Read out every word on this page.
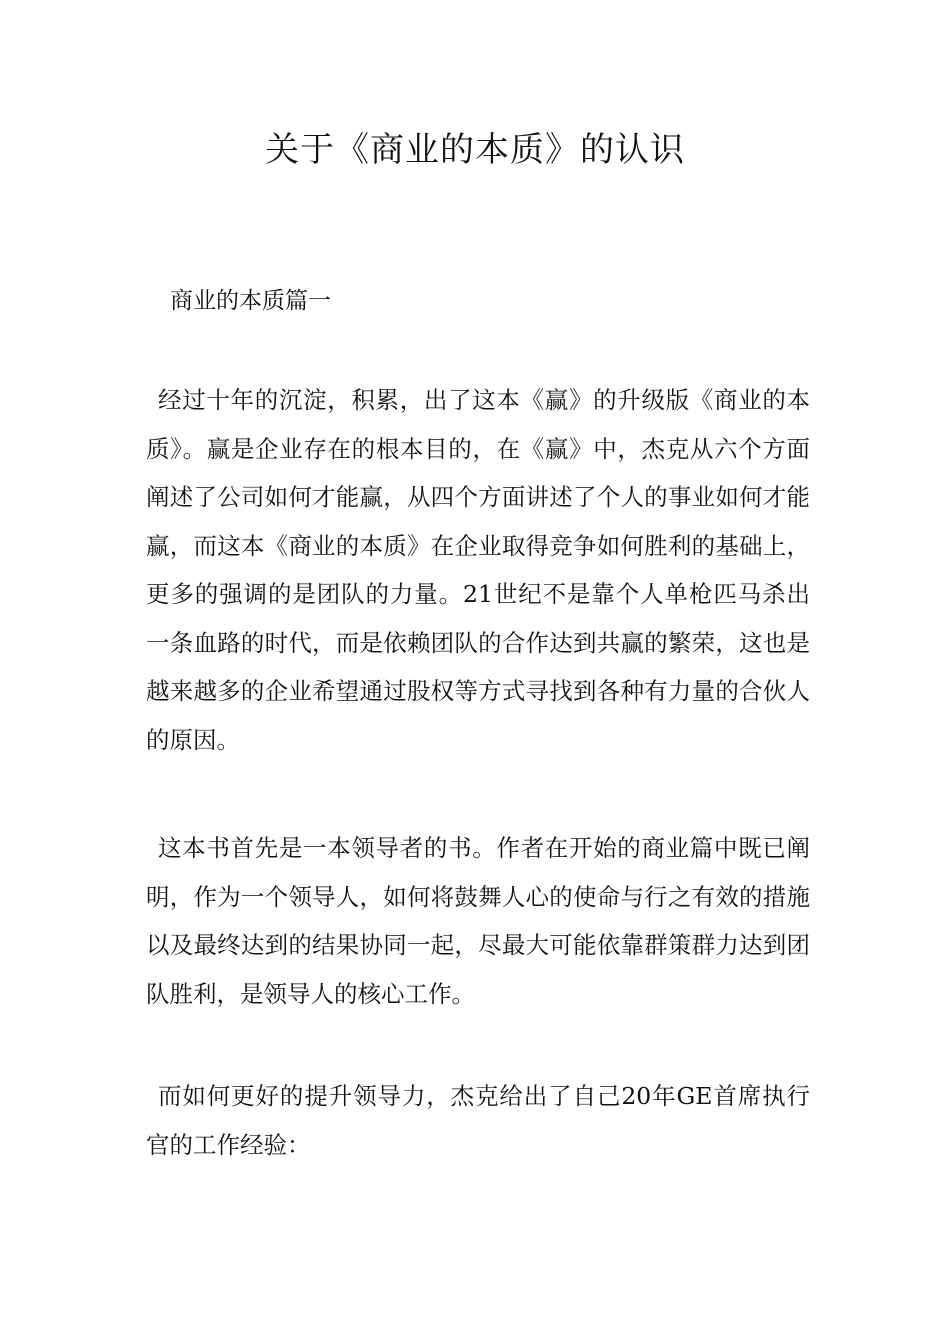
关于《商业的本质》的认识

商业的本质篇一

经过十年的沉淀，积累，出了这本《赢》的升级版《商业的本质》。赢是企业存在的根本目的，在《赢》中，杰克从六个方面阐述了公司如何才能赢，从四个方面讲述了个人的事业如何才能赢，而这本《商业的本质》在企业取得竞争如何胜利的基础上，更多的强调的是团队的力量。21世纪不是靠个人单枪匹马杀出一条血路的时代，而是依赖团队的合作达到共赢的繁荣，这也是越来越多的企业希望通过股权等方式寻找到各种有力量的合伙人的原因。

这本书首先是一本领导者的书。作者在开始的商业篇中既已阐明，作为一个领导人，如何将鼓舞人心的使命与行之有效的措施以及最终达到的结果协同一起，尽最大可能依靠群策群力达到团队胜利，是领导人的核心工作。

而如何更好的提升领导力，杰克给出了自己20年GE首席执行官的工作经验：
